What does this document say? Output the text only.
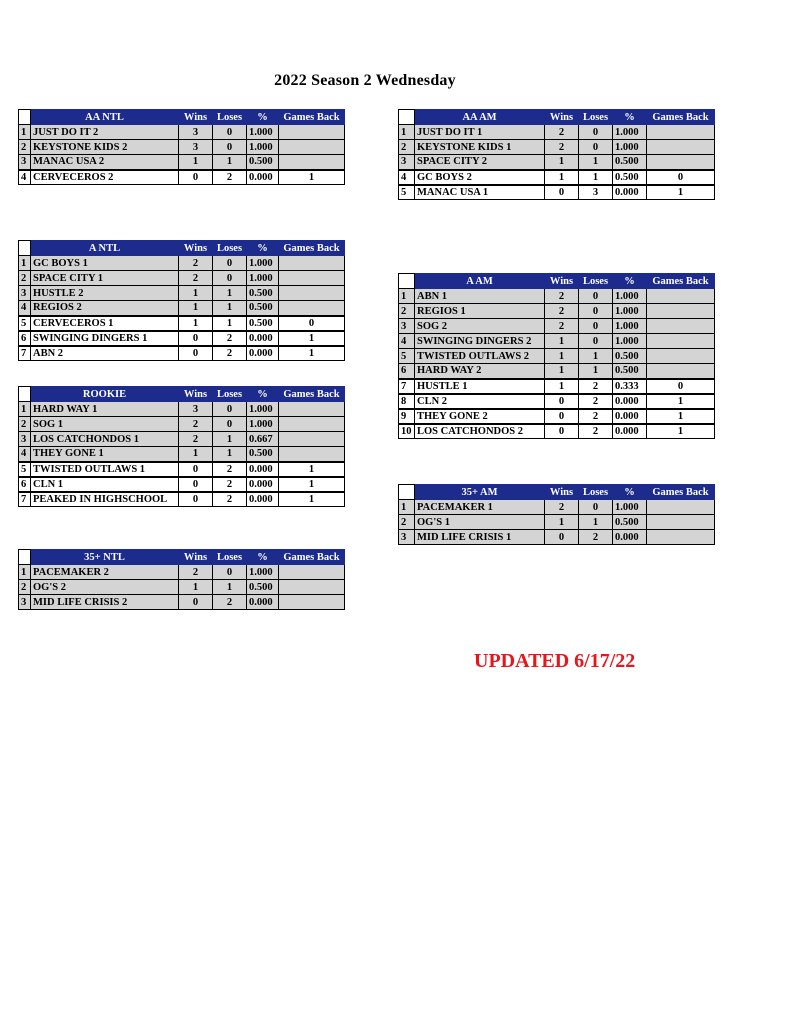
2022 Season 2 Wednesday
	AA NTL	Wins	Loses	%	Games Back
1	JUST DO IT 2	3	0	1.000	
2	KEYSTONE KIDS 2	3	0	1.000	
3	MANAC USA 2	1	1	0.500	
4	CERVECEROS 2	0	2	0.000	1
	AA AM	Wins	Loses	%	Games Back
1	JUST DO IT 1	2	0	1.000	
2	KEYSTONE KIDS 1	2	0	1.000	
3	SPACE CITY 2	1	1	0.500	
4	GC BOYS 2	1	1	0.500	0
5	MANAC USA 1	0	3	0.000	1
	A NTL	Wins	Loses	%	Games Back
1	GC BOYS 1	2	0	1.000	
2	SPACE CITY 1	2	0	1.000	
3	HUSTLE 2	1	1	0.500	
4	REGIOS 2	1	1	0.500	
5	CERVECEROS 1	1	1	0.500	0
6	SWINGING DINGERS 1	0	2	0.000	1
7	ABN 2	0	2	0.000	1
	A AM	Wins	Loses	%	Games Back
1	ABN 1	2	0	1.000	
2	REGIOS 1	2	0	1.000	
3	SOG 2	2	0	1.000	
4	SWINGING DINGERS 2	1	0	1.000	
5	TWISTED OUTLAWS 2	1	1	0.500	
6	HARD WAY 2	1	1	0.500	
7	HUSTLE 1	1	2	0.333	0
8	CLN 2	0	2	0.000	1
9	THEY GONE 2	0	2	0.000	1
10	LOS CATCHONDOS 2	0	2	0.000	1
	ROOKIE	Wins	Loses	%	Games Back
1	HARD WAY 1	3	0	1.000	
2	SOG 1	2	0	1.000	
3	LOS CATCHONDOS 1	2	1	0.667	
4	THEY GONE 1	1	1	0.500	
5	TWISTED OUTLAWS 1	0	2	0.000	1
6	CLN 1	0	2	0.000	1
7	PEAKED IN HIGHSCHOOL	0	2	0.000	1
	35+ AM	Wins	Loses	%	Games Back
1	PACEMAKER 1	2	0	1.000	
2	OG'S 1	1	1	0.500	
3	MID LIFE CRISIS 1	0	2	0.000	
	35+ NTL	Wins	Loses	%	Games Back
1	PACEMAKER 2	2	0	1.000	
2	OG'S 2	1	1	0.500	
3	MID LIFE CRISIS 2	0	2	0.000	
UPDATED 6/17/22
